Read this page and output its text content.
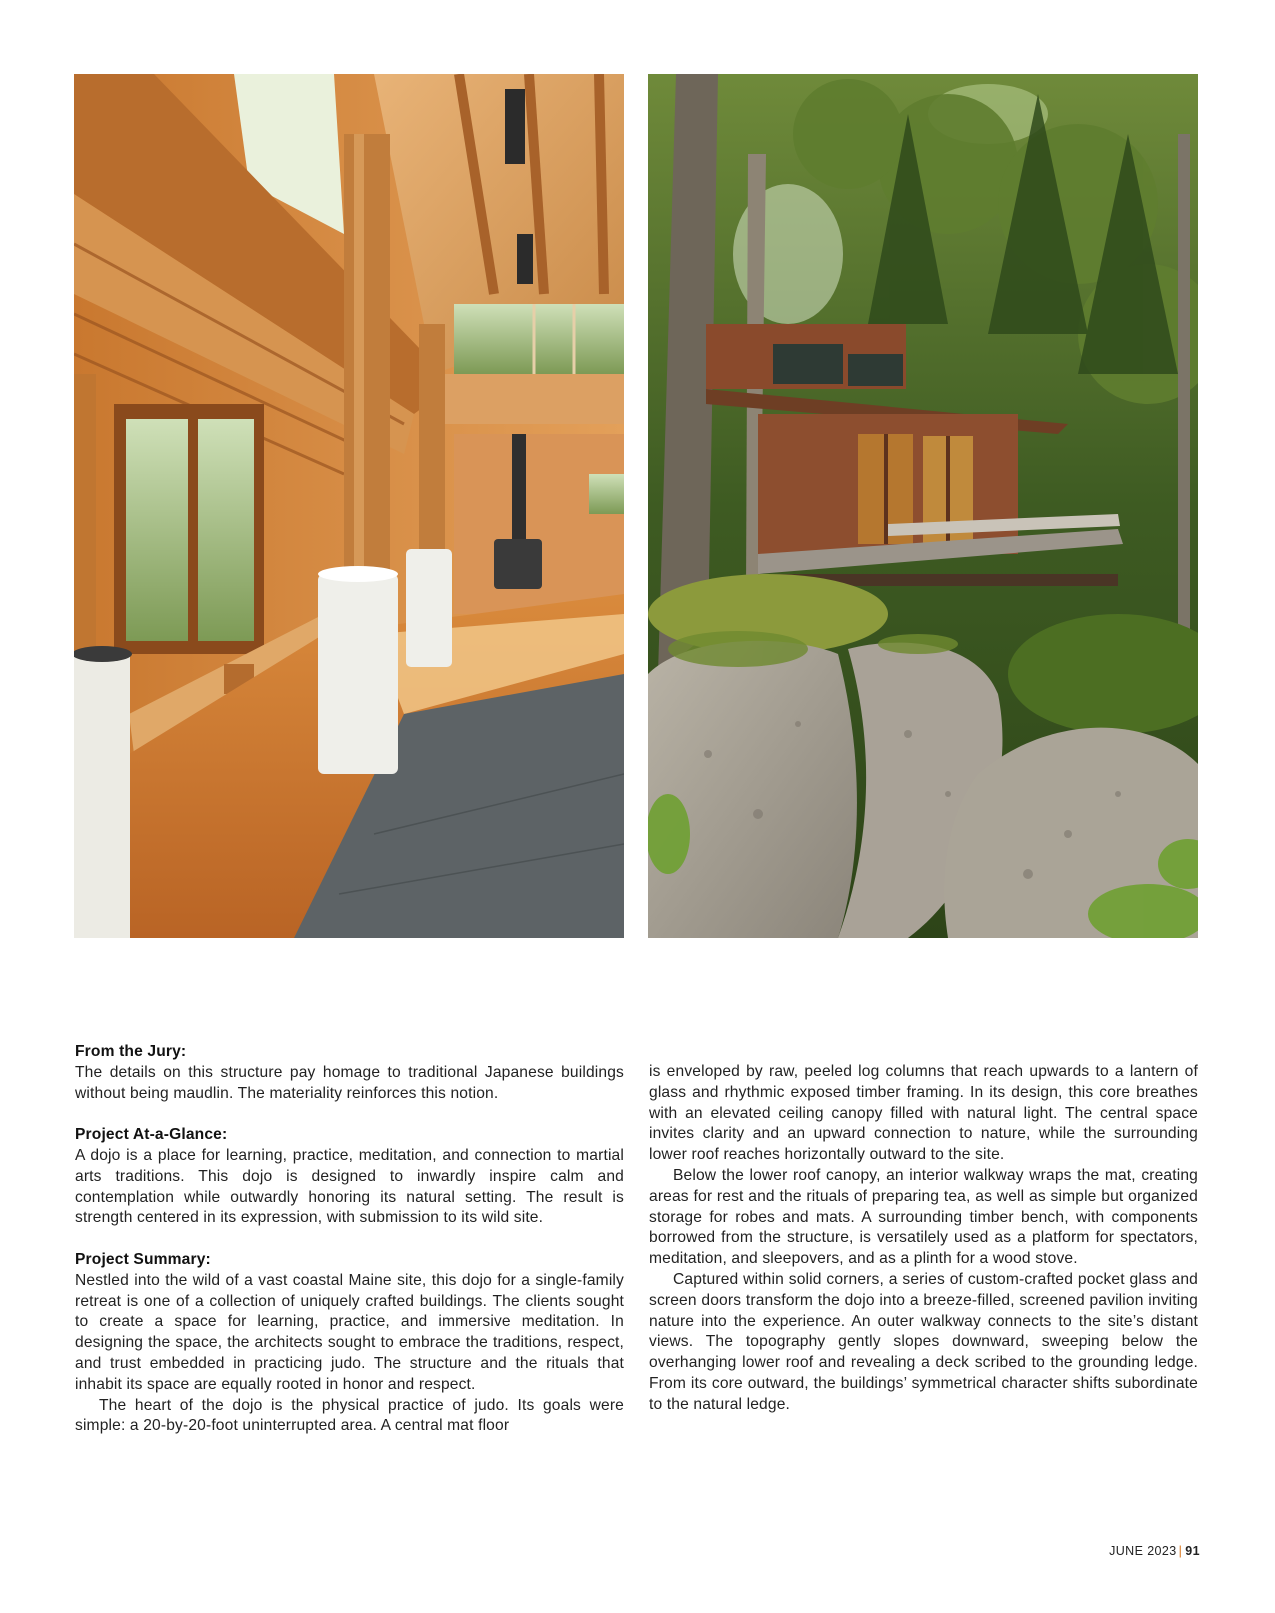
From the Jury:

The details on this structure pay homage to traditional Japanese buildings without being maudlin. The materiality reinforces this notion.

Project At-a-Glance:

A dojo is a place for learning, practice, meditation, and connection to martial arts traditions. This dojo is designed to inwardly inspire calm and contemplation while outwardly honoring its natural setting. The result is strength centered in its expression, with submission to its wild site.

Project Summary:

Nestled into the wild of a vast coastal Maine site, this dojo for a single-family retreat is one of a collection of uniquely crafted buildings. The clients sought to create a space for learning, practice, and immersive meditation. In designing the space, the architects sought to embrace the traditions, respect, and trust embedded in practicing judo. The structure and the rituals that inhabit its space are equally rooted in honor and respect.

The heart of the dojo is the physical practice of judo. Its goals were simple: a 20-by-20-foot uninterrupted area. A central mat floor

is enveloped by raw, peeled log columns that reach upwards to a lantern of glass and rhythmic exposed timber framing. In its design, this core breathes with an elevated ceiling canopy filled with natural light. The central space invites clarity and an upward connection to nature, while the surrounding lower roof reaches horizontally outward to the site.

Below the lower roof canopy, an interior walkway wraps the mat, creating areas for rest and the rituals of preparing tea, as well as simple but organized storage for robes and mats. A surrounding timber bench, with components borrowed from the structure, is versatilely used as a platform for spectators, meditation, and sleepovers, and as a plinth for a wood stove.

Captured within solid corners, a series of custom-crafted pocket glass and screen doors transform the dojo into a breeze-filled, screened pavilion inviting nature into the experience. An outer walkway connects to the site’s distant views. The topography gently slopes downward, sweeping below the overhanging lower roof and revealing a deck scribed to the grounding ledge. From its core outward, the buildings’ symmetrical character shifts subordinate to the natural ledge.

JUNE 2023 | 91
